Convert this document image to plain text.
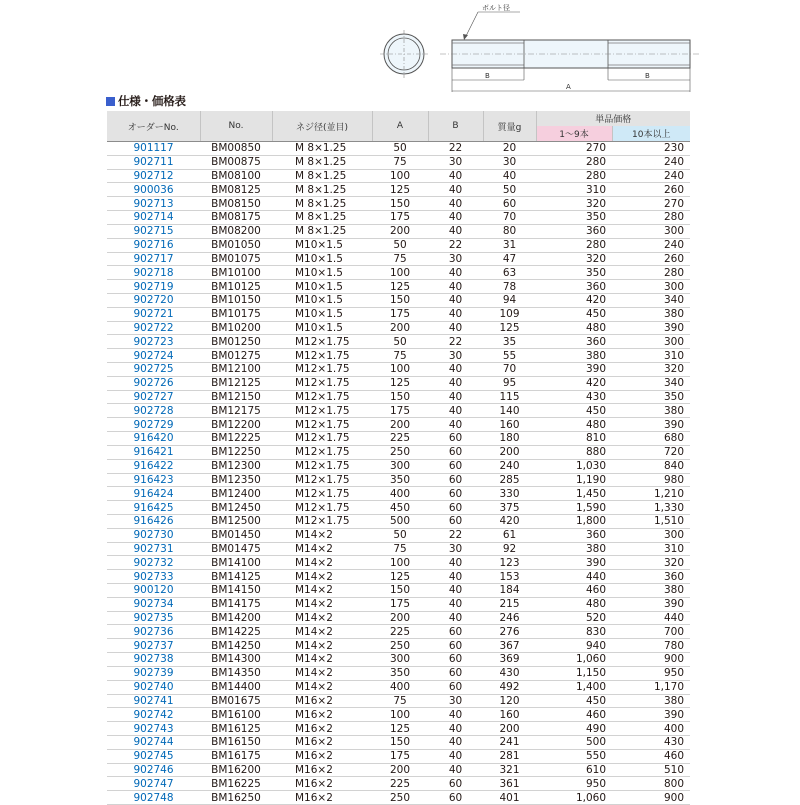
ボルト径
B	B
A
仕様・価格表
オーダーNo.	No.	ネジ径(並目)	A	B	質量g	単品価格	
						1～9本	10本以上
901117	BM00850	M 8×1.25	50	22	20	270	230
902711	BM00875	M 8×1.25	75	30	30	280	240
902712	BM08100	M 8×1.25	100	40	40	280	240
900036	BM08125	M 8×1.25	125	40	50	310	260
902713	BM08150	M 8×1.25	150	40	60	320	270
902714	BM08175	M 8×1.25	175	40	70	350	280
902715	BM08200	M 8×1.25	200	40	80	360	300
902716	BM01050	M10×1.5	50	22	31	280	240
902717	BM01075	M10×1.5	75	30	47	320	260
902718	BM10100	M10×1.5	100	40	63	350	280
902719	BM10125	M10×1.5	125	40	78	360	300
902720	BM10150	M10×1.5	150	40	94	420	340
902721	BM10175	M10×1.5	175	40	109	450	380
902722	BM10200	M10×1.5	200	40	125	480	390
902723	BM01250	M12×1.75	50	22	35	360	300
902724	BM01275	M12×1.75	75	30	55	380	310
902725	BM12100	M12×1.75	100	40	70	390	320
902726	BM12125	M12×1.75	125	40	95	420	340
902727	BM12150	M12×1.75	150	40	115	430	350
902728	BM12175	M12×1.75	175	40	140	450	380
902729	BM12200	M12×1.75	200	40	160	480	390
916420	BM12225	M12×1.75	225	60	180	810	680
916421	BM12250	M12×1.75	250	60	200	880	720
916422	BM12300	M12×1.75	300	60	240	1,030	840
916423	BM12350	M12×1.75	350	60	285	1,190	980
916424	BM12400	M12×1.75	400	60	330	1,450	1,210
916425	BM12450	M12×1.75	450	60	375	1,590	1,330
916426	BM12500	M12×1.75	500	60	420	1,800	1,510
902730	BM01450	M14×2	50	22	61	360	300
902731	BM01475	M14×2	75	30	92	380	310
902732	BM14100	M14×2	100	40	123	390	320
902733	BM14125	M14×2	125	40	153	440	360
900120	BM14150	M14×2	150	40	184	460	380
902734	BM14175	M14×2	175	40	215	480	390
902735	BM14200	M14×2	200	40	246	520	440
902736	BM14225	M14×2	225	60	276	830	700
902737	BM14250	M14×2	250	60	367	940	780
902738	BM14300	M14×2	300	60	369	1,060	900
902739	BM14350	M14×2	350	60	430	1,150	950
902740	BM14400	M14×2	400	60	492	1,400	1,170
902741	BM01675	M16×2	75	30	120	450	380
902742	BM16100	M16×2	100	40	160	460	390
902743	BM16125	M16×2	125	40	200	490	400
902744	BM16150	M16×2	150	40	241	500	430
902745	BM16175	M16×2	175	40	281	550	460
902746	BM16200	M16×2	200	40	321	610	510
902747	BM16225	M16×2	225	60	361	950	800
902748	BM16250	M16×2	250	60	401	1,060	900
